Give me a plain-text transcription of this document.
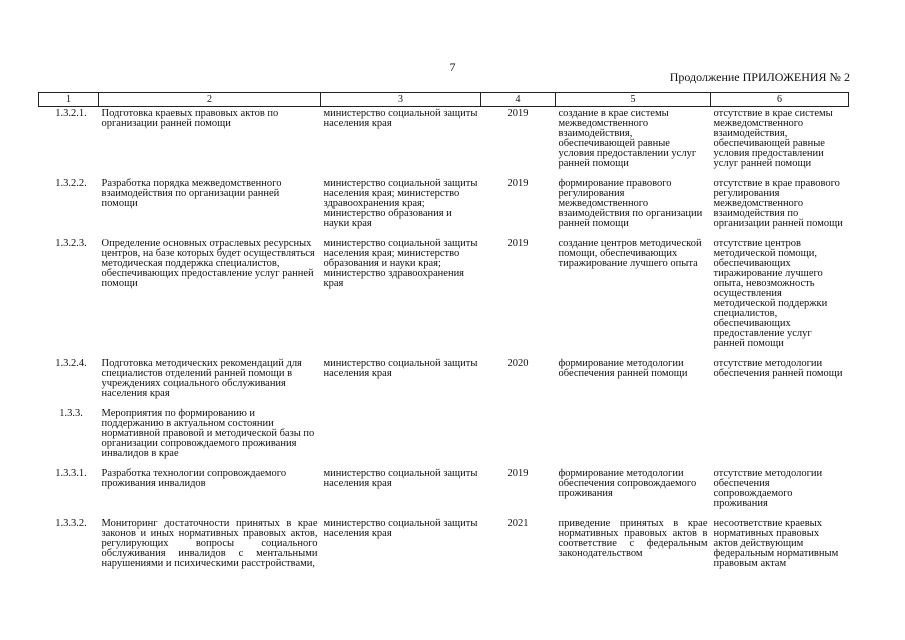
7
Продолжение ПРИЛОЖЕНИЯ № 2
1	2	3	4	5	6
1.3.2.1.	Подготовка краевых правовых актов по организации ранней помощи	министерство социальной защиты населения края	2019	создание в крае системы межведомственного взаимодействия, обеспечивающей равные условия предоставлении услуг ранней помощи	отсутствие в крае системы межведомственного взаимодействия, обеспечивающей равные условия предоставлении услуг ранней помощи
1.3.2.2.	Разработка порядка межведомственного взаимодействия по организации ранней помощи	министерство социальной защиты населения края; министерство здравоохранения края; министерство образования и науки края	2019	формирование правового регулирования межведомственного взаимодействия по организации ранней помощи	отсутствие в крае правового регулирования межведомственного взаимодействия по организации ранней помощи
1.3.2.3.	Определение основных отраслевых ресурсных центров, на базе которых будет осуществляться методическая поддержка специалистов, обеспечивающих предоставление услуг ранней помощи	министерство социальной защиты населения края; министерство образования и науки края; министерство здравоохранения края	2019	создание центров методической помощи, обеспечивающих тиражирование лучшего опыта	отсутствие центров методической помощи, обеспечивающих тиражирование лучшего опыта, невозможность осуществления методической поддержки специалистов, обеспечивающих предоставление услуг ранней помощи
1.3.2.4.	Подготовка методических рекомендаций для специалистов отделений ранней помощи в учреждениях социального обслуживания населения края	министерство социальной защиты населения края	2020	формирование методологии обеспечения ранней помощи	отсутствие методологии обеспечения ранней помощи
1.3.3.	Мероприятия по формированию и поддержанию в актуальном состоянии нормативной правовой и методической базы по организации сопровождаемого проживания инвалидов в крае				
1.3.3.1.	Разработка технологии сопровождаемого проживания инвалидов	министерство социальной защиты населения края	2019	формирование методологии обеспечения сопровождаемого проживания	отсутствие методологии обеспечения сопровождаемого проживания
1.3.3.2.	Мониторинг достаточности принятых в крае законов и иных нормативных правовых актов, регулирующих вопросы социального обслуживания инвалидов с ментальными нарушениями и психическими расстройствами,	министерство социальной защиты населения края	2021	приведение принятых в крае нормативных правовых актов в соответствие с федеральным законодательством	несоответствие краевых нормативных правовых актов действующим федеральным нормативным правовым актам
